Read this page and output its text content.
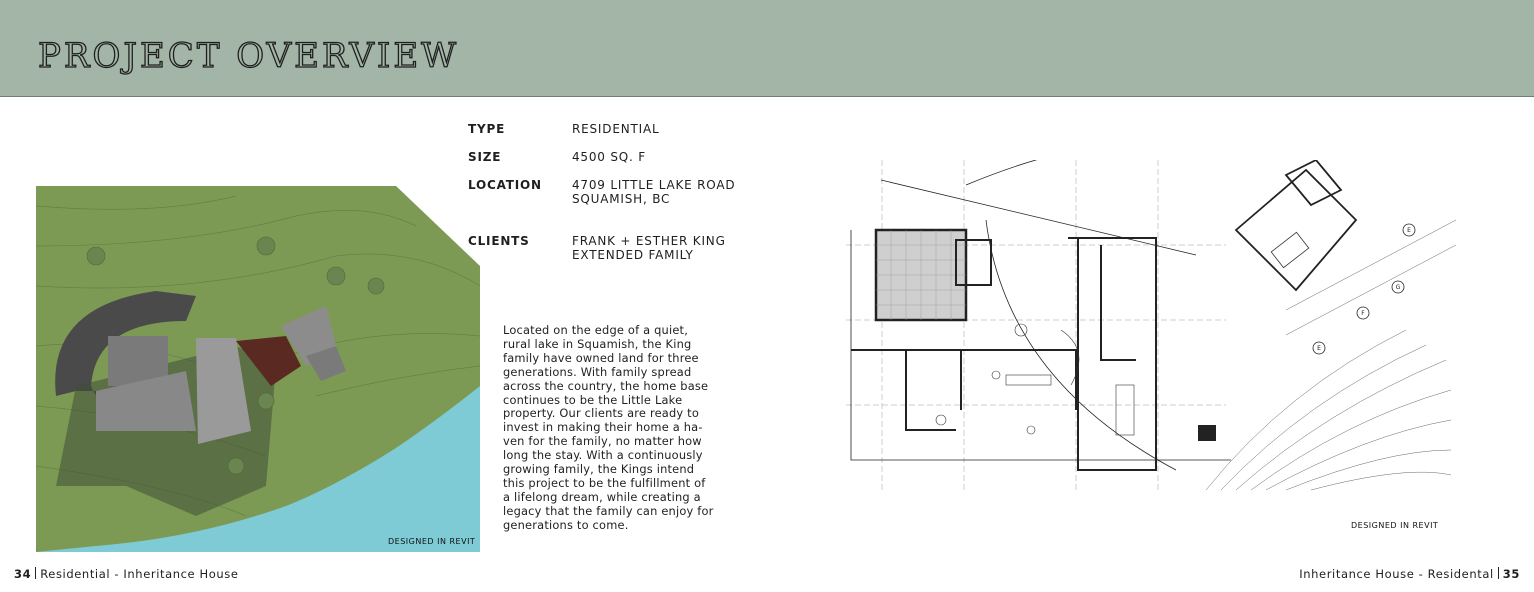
PROJECT OVERVIEW
DESIGNED IN REVIT
TYPE	RESIDENTIAL
SIZE	4500 SQ. F
LOCATION	4709 LITTLE LAKE ROAD
SQUAMISH, BC
CLIENTS	FRANK + ESTHER KING
EXTENDED FAMILY
Located on the edge of a quiet,
rural lake in Squamish, the King
family have owned land for three
generations. With family spread
across the country, the home base
continues to be the Little Lake
property. Our clients are ready to
invest in making their home a ha-
ven for the family, no matter how
long the stay. With a continuously
growing family, the Kings intend
this project to be the fulfillment of
a lifelong dream, while creating a
legacy that the family can enjoy for
generations to come.
E
G
F
E
DESIGNED IN REVIT
34 Residential - Inheritance House	Inheritance House - Residental 35
